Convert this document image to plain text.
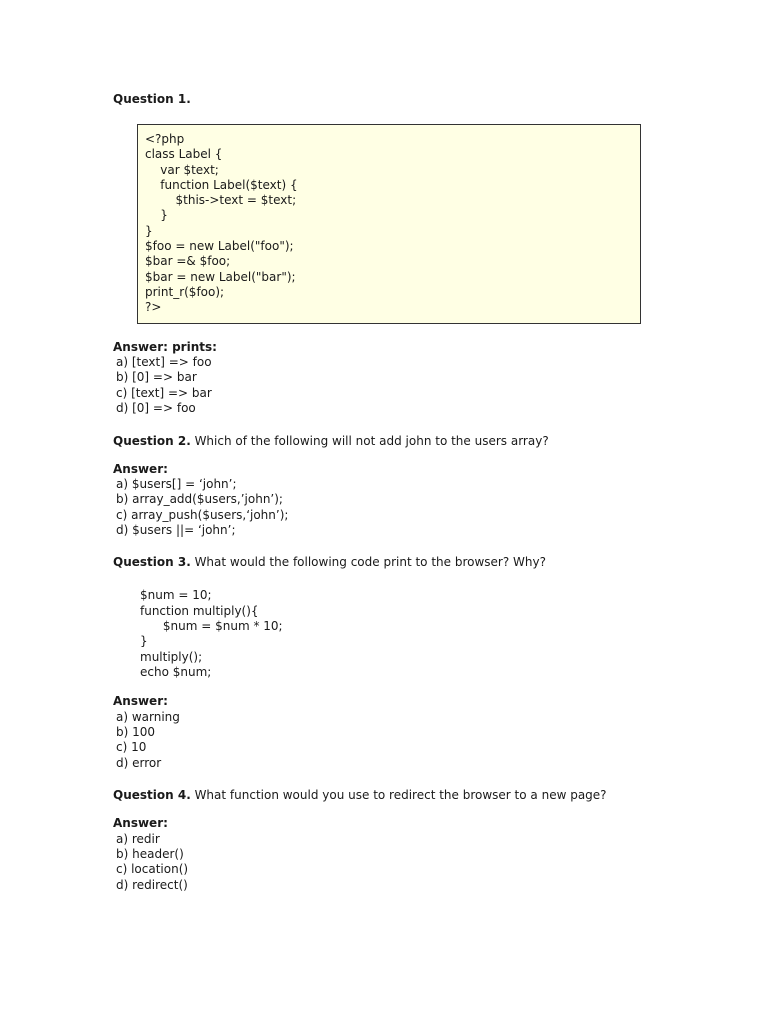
Question 1.
<?php
class Label {
var $text;
function Label($text) {
$this->text = $text;
}
}
$foo = new Label("foo");
$bar =& $foo;
$bar = new Label("bar");
print_r($foo);
?>
Answer: prints:
a) [text] => foo
b) [0] => bar
c) [text] => bar
d) [0] => foo
Question 2. Which of the following will not add john to the users array?
Answer:
a) $users[] = ‘john’;
b) array_add($users,’john’);
c) array_push($users,‘john’);
d) $users ||= ‘john’;
Question 3. What would the following code print to the browser? Why?
$num = 10;
function multiply(){
$num = $num * 10;
}
multiply();
echo $num;
Answer:
a) warning
b) 100
c) 10
d) error
Question 4. What function would you use to redirect the browser to a new page?
Answer:
a) redir
b) header()
c) location()
d) redirect()
